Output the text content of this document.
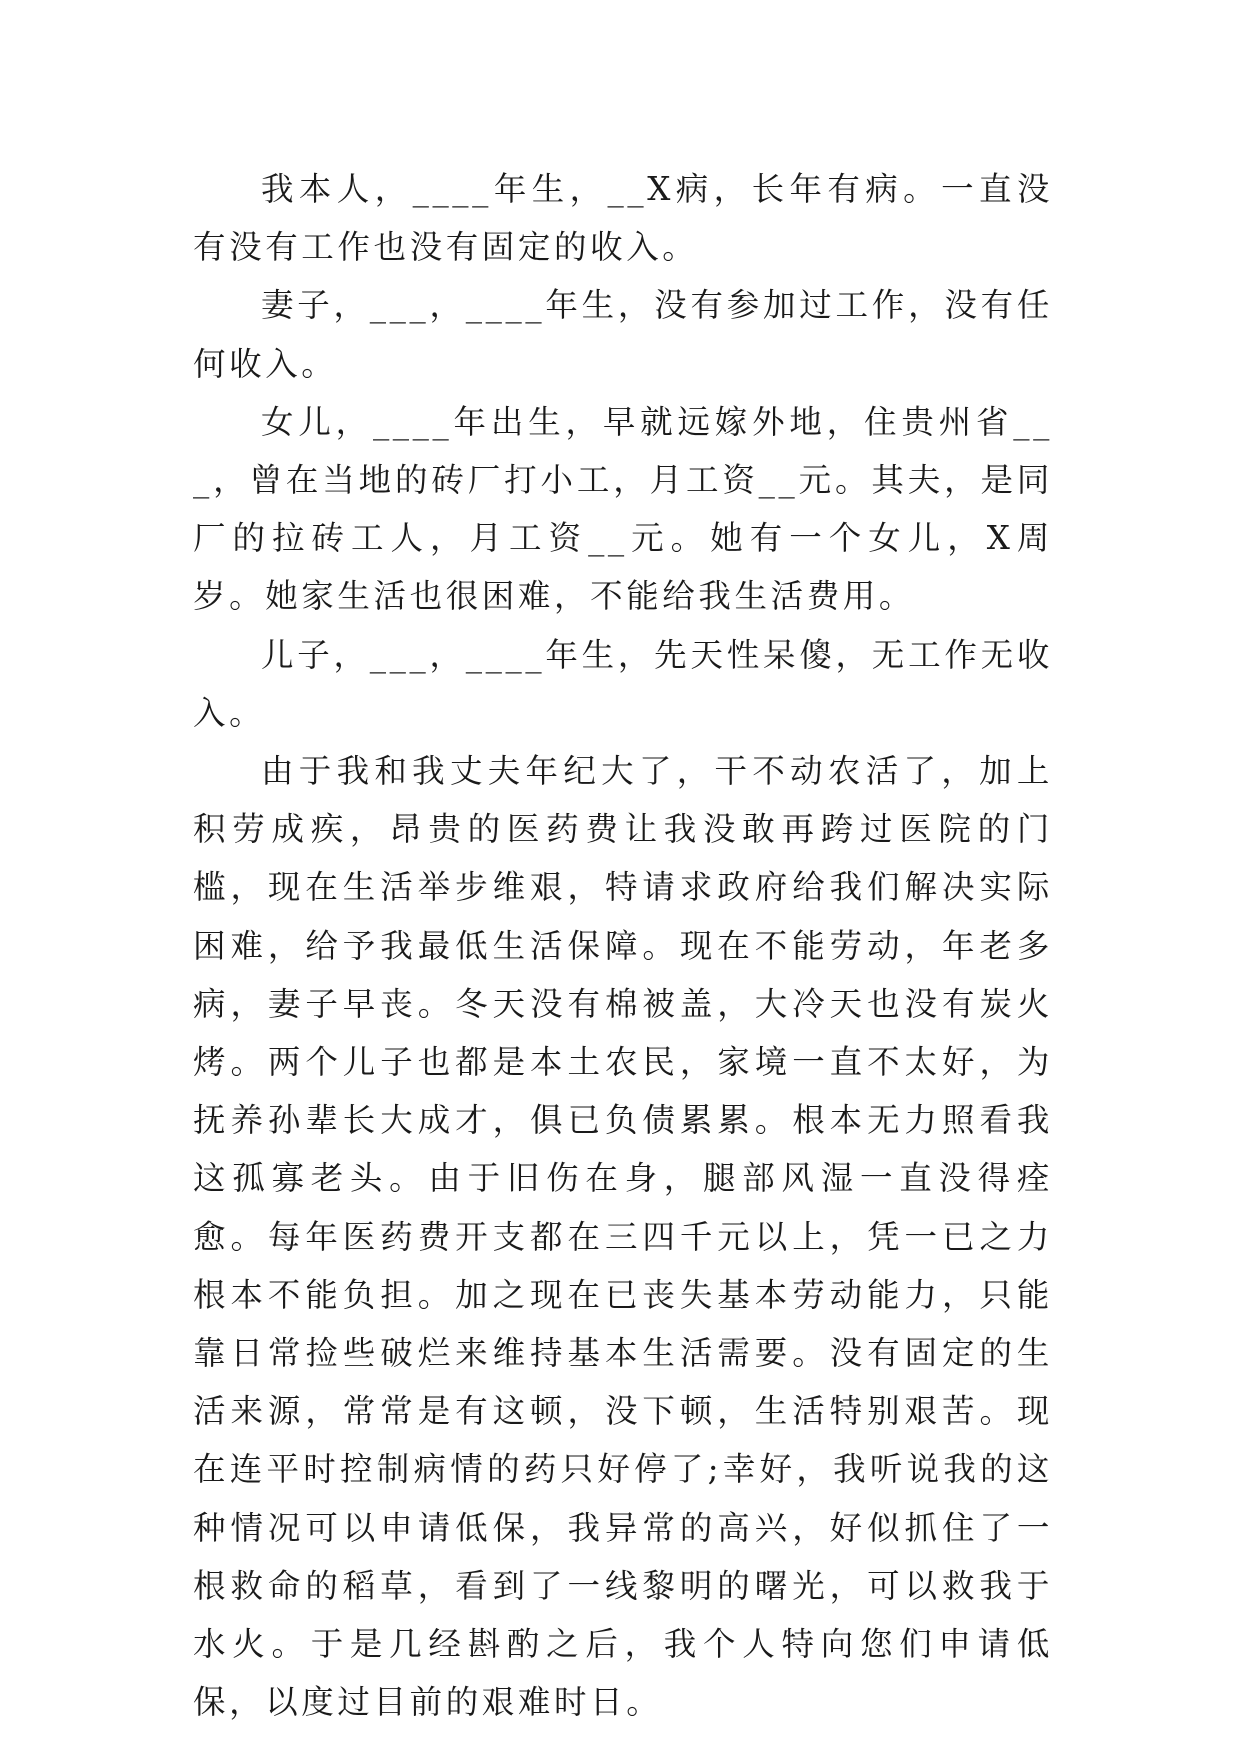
我本人，____年生，__X病，长年有病。一直没有没有工作也没有固定的收入。

妻子，___，____年生，没有参加过工作，没有任何收入。

女儿，____年出生，早就远嫁外地，住贵州省___，曾在当地的砖厂打小工，月工资__元。其夫，是同厂的拉砖工人，月工资__元。她有一个女儿，X周岁。她家生活也很困难，不能给我生活费用。

儿子，___，____年生，先天性呆傻，无工作无收入。

由于我和我丈夫年纪大了，干不动农活了，加上积劳成疾，昂贵的医药费让我没敢再跨过医院的门槛，现在生活举步维艰，特请求政府给我们解决实际困难，给予我最低生活保障。现在不能劳动，年老多病，妻子早丧。冬天没有棉被盖，大冷天也没有炭火烤。两个儿子也都是本土农民，家境一直不太好，为抚养孙辈长大成才，俱已负债累累。根本无力照看我这孤寡老头。由于旧伤在身，腿部风湿一直没得痊愈。每年医药费开支都在三四千元以上，凭一已之力根本不能负担。加之现在已丧失基本劳动能力，只能靠日常捡些破烂来维持基本生活需要。没有固定的生活来源，常常是有这顿，没下顿，生活特别艰苦。现在连平时控制病情的药只好停了;幸好，我听说我的这种情况可以申请低保，我异常的高兴，好似抓住了一根救命的稻草，看到了一线黎明的曙光，可以救我于水火。于是几经斟酌之后，我个人特向您们申请低保，以度过目前的艰难时日。
